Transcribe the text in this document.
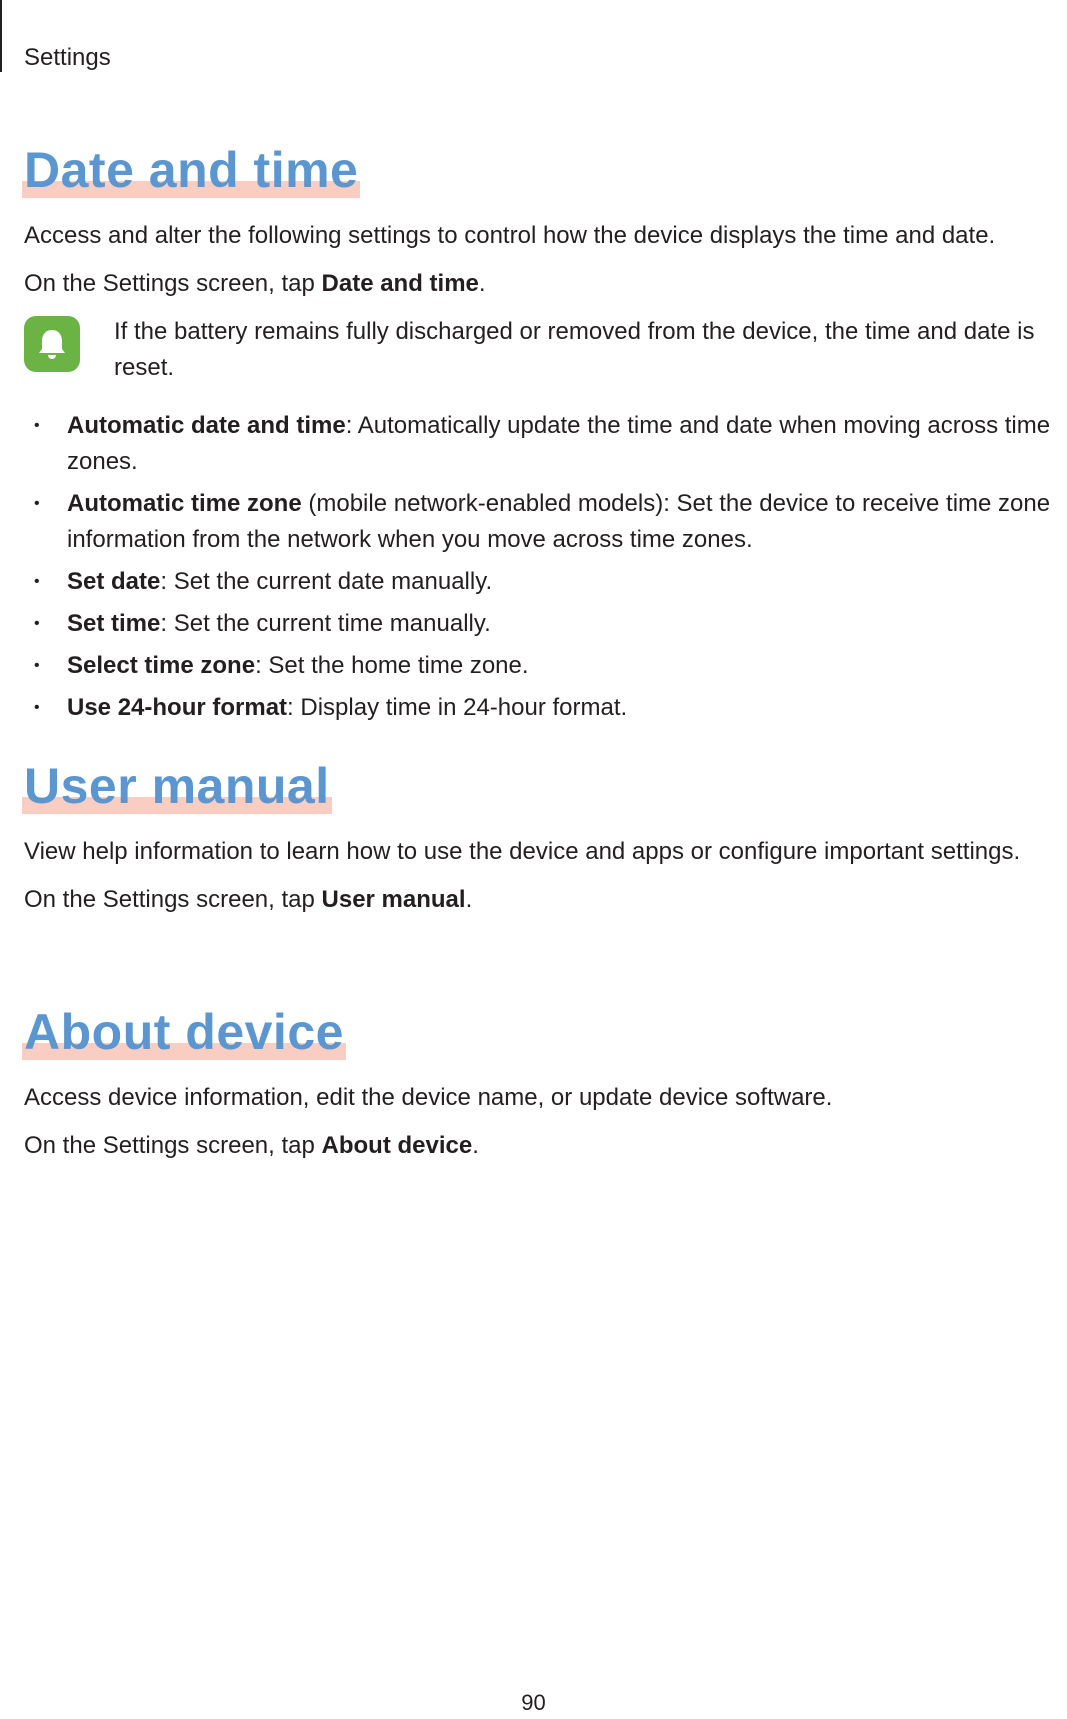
Settings
Date and time

Access and alter the following settings to control how the device displays the time and date.

On the Settings screen, tap Date and time.

If the battery remains fully discharged or removed from the device, the time and date is reset.

• Automatic date and time: Automatically update the time and date when moving across time zones.
• Automatic time zone (mobile network-enabled models): Set the device to receive time zone information from the network when you move across time zones.
• Set date: Set the current date manually.
• Set time: Set the current time manually.
• Select time zone: Set the home time zone.
• Use 24-hour format: Display time in 24-hour format.
User manual

View help information to learn how to use the device and apps or configure important settings.

On the Settings screen, tap User manual.

About device

Access device information, edit the device name, or update device software.

On the Settings screen, tap About device.

90
